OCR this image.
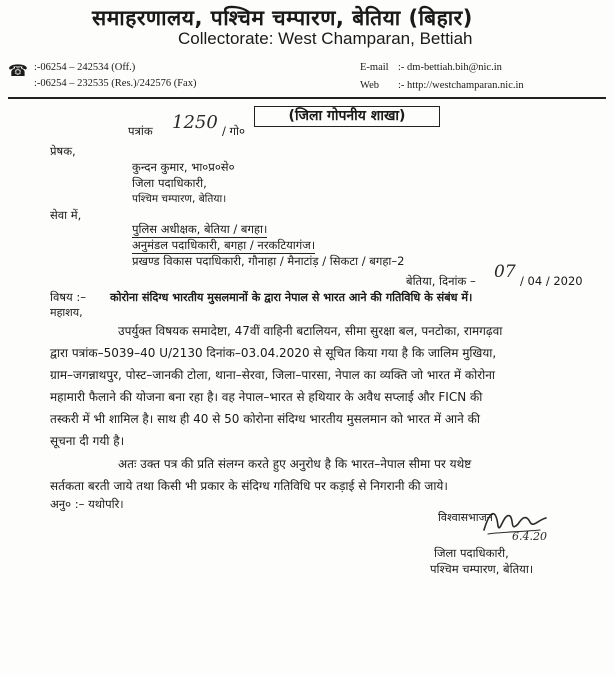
समाहरणालय, पश्चिम चम्पारण, बेतिया (बिहार)
Collectorate: West Champaran, Bettiah
☎ :-06254 – 242534 (Off.)
:-06254 – 232535 (Res.)/242576 (Fax)
E-mail :- dm-bettiah.bih@nic.in
Web :- http://westchamparan.nic.in
(जिला गोपनीय शाखा)
पत्रांक 1250 / गो०
प्रेषक,
कुन्दन कुमार, भा०प्र०से०
जिला पदाधिकारी,
पश्चिम चम्पारण, बेतिया।
सेवा में,
पुलिस अधीक्षक, बेतिया / बगहा।
अनुमंडल पदाधिकारी, बगहा / नरकटियागंज।
प्रखण्ड विकास पदाधिकारी, गौनाहा / मैनाटांड़ / सिकटा / बगहा–2
बेतिया, दिनांक – 07 / 04 / 2020
विषय :– कोरोना संदिग्ध भारतीय मुसलमानों के द्वारा नेपाल से भारत आने की गतिविधि के संबंध में।
महाशय,
उपर्युक्त विषयक समादेष्टा, 47वीं वाहिनी बटालियन, सीमा सुरक्षा बल, पनटोका, रामगढ़वा
द्वारा पत्रांक–5039–40 U/2130 दिनांक–03.04.2020 से सूचित किया गया है कि जालिम मुखिया,
ग्राम–जगन्नाथपुर, पोस्ट–जानकी टोला, थाना–सेरवा, जिला–पारसा, नेपाल का व्यक्ति जो भारत में कोरोना
महामारी फैलाने की योजना बना रहा है। वह नेपाल–भारत से हथियार के अवैध सप्लाई और FICN की
तस्करी में भी शामिल है। साथ ही 40 से 50 कोरोना संदिग्ध भारतीय मुसलमान को भारत में आने की
सूचना दी गयी है।
अतः उक्त पत्र की प्रति संलग्न करते हुए अनुरोध है कि भारत–नेपाल सीमा पर यथेष्ट
सर्तकता बरती जाये तथा किसी भी प्रकार के संदिग्ध गतिविधि पर कड़ाई से निगरानी की जाये।
अनु० :– यथोपरि।
विश्वासभाजन
6.4.20
जिला पदाधिकारी,
पश्चिम चम्पारण, बेतिया।
